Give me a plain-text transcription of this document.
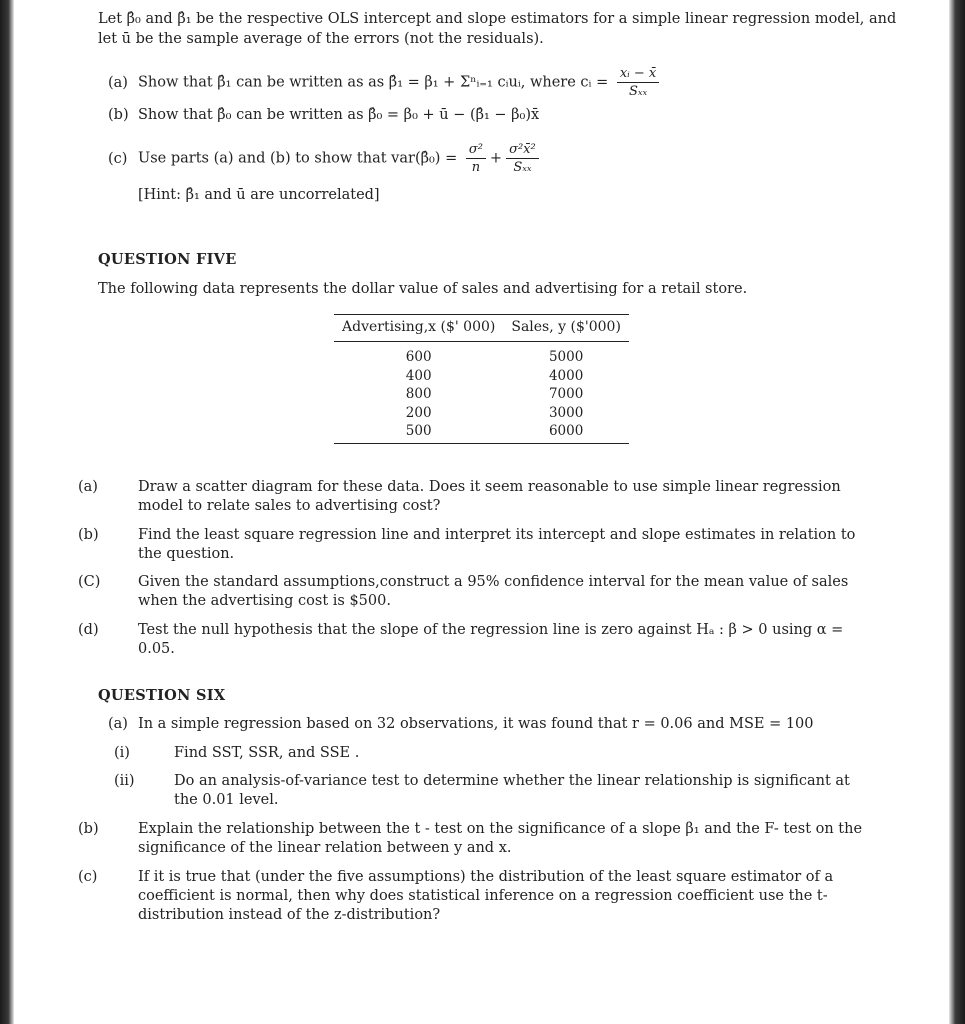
Let β̂₀ and β̂₁ be the respective OLS intercept and slope estimators for a simple linear regression model, and
let ū be the sample average of the errors (not the residuals).
(a) Show that β̂₁ can be written as as β̂₁ = β₁ + Σⁿᵢ₌₁ cᵢuᵢ, where cᵢ = $\frac{\text{xᵢ − x̄}}{\text{Sₓₓ}}$
(b) Show that β̂₀ can be written as β̂₀ = β₀ + ū − (β̂₁ − β₀)x̄
(c) Use parts (a) and (b) to show that var(β̂₀) = $\frac{\text{σ²}}{n} + \frac{\text{σ²x̄²}}{\text{Sₓₓ}}$
[Hint: β̂₁ and ū are uncorrelated]
QUESTION FIVE
The following data represents the dollar value of sales and advertising for a retail store.
Advertising,x ($' 000)	Sales, y ($'000)
600	5000
400	4000
800	7000
200	3000
500	6000
(a)	Draw a scatter diagram for these data. Does it seem reasonable to use simple linear regression model to relate sales to advertising cost?
(b)	Find the least square regression line and interpret its intercept and slope estimates in relation to the question.
(C)	Given the standard assumptions,construct a 95% confidence interval for the mean value of sales when the advertising cost is $500.
(d)	Test the null hypothesis that the slope of the regression line is zero against Hₐ : β > 0 using α = 0.05.
QUESTION SIX
(a) In a simple regression based on 32 observations, it was found that r = 0.06 and MSE = 100
(i)	Find SST, SSR, and SSE .
(ii)	Do an analysis-of-variance test to determine whether the linear relationship is significant at the 0.01 level.
(b)	Explain the relationship between the t - test on the significance of a slope β₁ and the F- test on the significance of the linear relation between y and x.
(c)	If it is true that (under the five assumptions) the distribution of the least square estimator of a coefficient is normal, then why does statistical inference on a regression coefficient use the t-distribution instead of the z-distribution?
